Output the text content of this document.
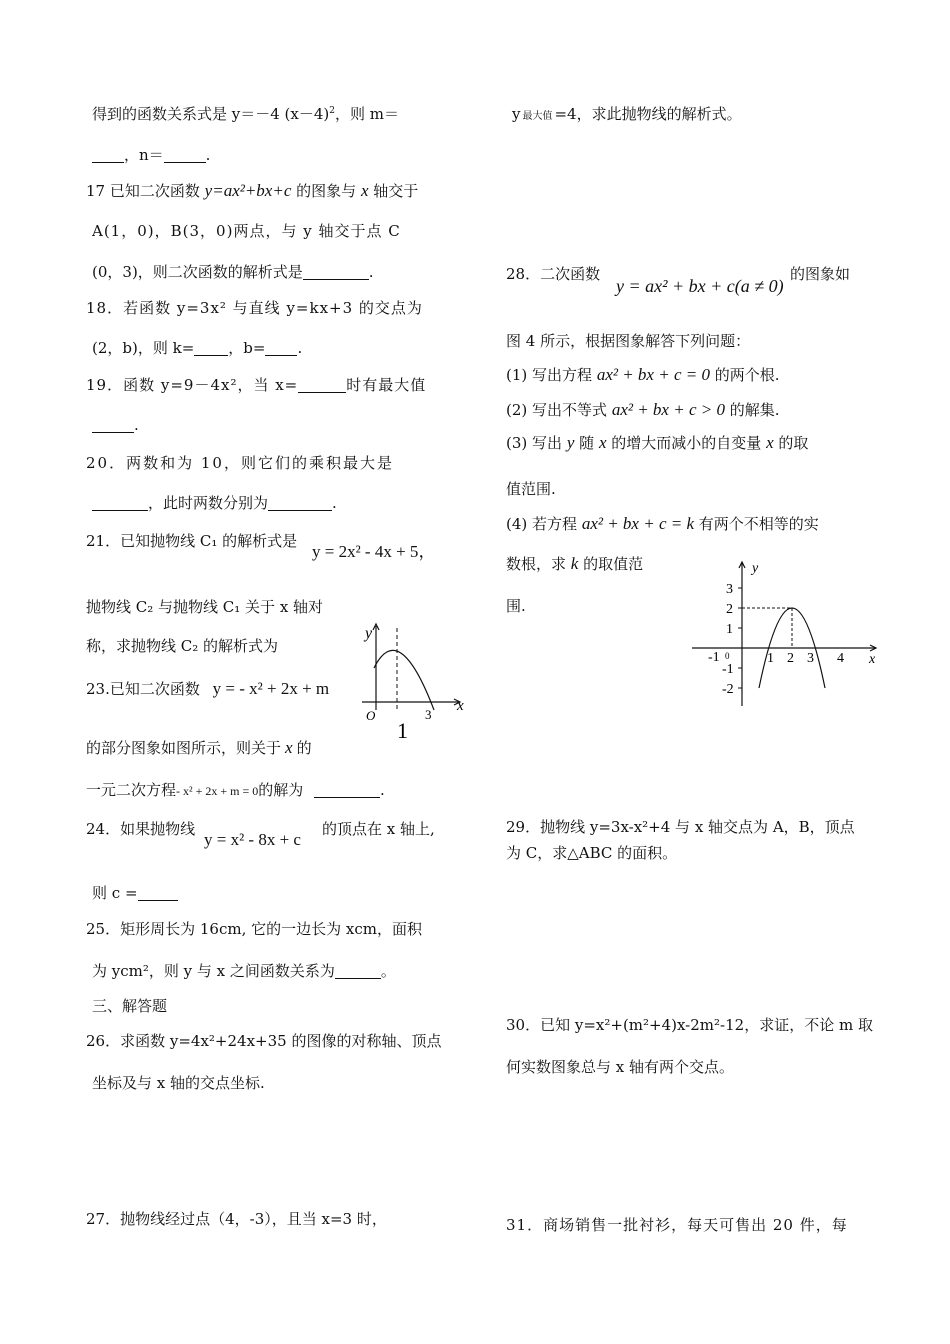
得到的函数关系式是 y＝－4 $(x-4)^2$，则 m＝
，n＝	.
17 已知二次函数 y=ax²+bx+c 的图象与 x 轴交于
A(1，0)，B(3，0)两点，与 y 轴交于点 C
(0，3)，则二次函数的解析式是	.
18．若函数 y=3x² 与直线 y=kx+3 的交点为
(2，b)，则 k= ，b= .
19．函数 y=9－4x²，当 x=	时有最大值
.
20．两数和为 10，则它们的乘积最大是
，此时两数分别为	.
21．已知抛物线 C₁ 的解析式是
y = 2x² - 4x + 5，
抛物线 C₂ 与抛物线 C₁ 关于 x 轴对
称，求抛物线 C₂ 的解析式为
23.已知二次函数 y = - x² + 2x + m
的部分图象如图所示，则关于 x 的
一元二次方程- x² + 2x + m = 0的解为	.
24．如果抛物线
y = x² - 8x + c
的顶点在 x 轴上,
则 c =
25．矩形周长为 16cm, 它的一边长为 xcm，面积
为 ycm²，则 y 与 x 之间函数关系为	。
三、解答题
26．求函数 y=4x²+24x+35 的图像的对称轴、顶点
坐标及与 x 轴的交点坐标.
27．抛物线经过点（4，-3），且当 x=3 时，
y
x
O
1
3
y最大值 =4，求此抛物线的解析式。
28．二次函数
y = ax² + bx + c(a ≠ 0)
的图象如
图 4 所示，根据图象解答下列问题：
(1) 写出方程 ax² + bx + c = 0 的两个根.
(2) 写出不等式 ax² + bx + c > 0 的解集.
(3) 写出 y 随 x 的增大而减小的自变量 x 的取
值范围.
(4) 若方程 ax² + bx + c = k 有两个不相等的实
数根，求 k 的取值范
围.
y
x
3
2
1
-1
-2
-1 0	1 2 3 4
29．抛物线 y=3x-x²+4 与 x 轴交点为 A，B，顶点
为 C，求△ABC 的面积。
30．已知 y=x²+(m²+4)x-2m²-12，求证，不论 m 取
何实数图象总与 x 轴有两个交点。
31．商场销售一批衬衫，每天可售出 20 件，每
